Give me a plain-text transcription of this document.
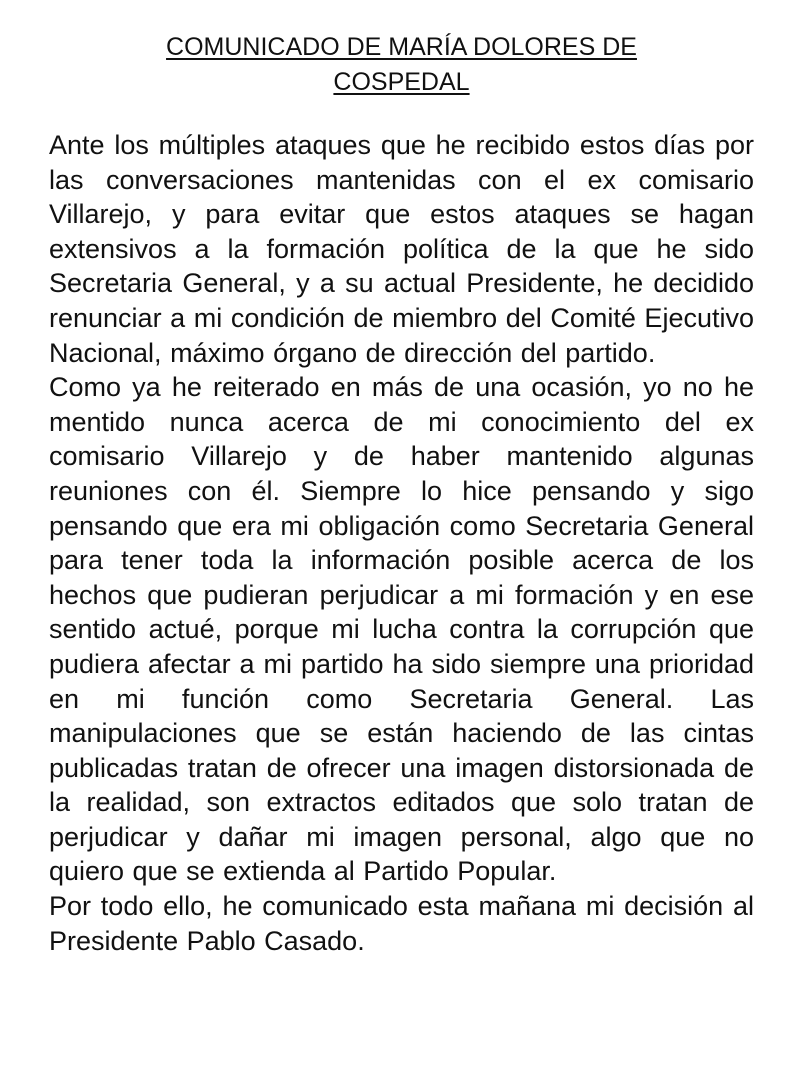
COMUNICADO DE MARÍA DOLORES DE
COSPEDAL

Ante los múltiples ataques que he recibido estos días por las conversaciones mantenidas con el ex comisario Villarejo, y para evitar que estos ataques se hagan extensivos a la formación política de la que he sido Secretaria General, y a su actual Presidente, he decidido renunciar a mi condición de miembro del Comité Ejecutivo Nacional, máximo órgano de dirección del partido.

Como ya he reiterado en más de una ocasión, yo no he mentido nunca acerca de mi conocimiento del ex comisario Villarejo y de haber mantenido algunas reuniones con él. Siempre lo hice pensando y sigo pensando que era mi obligación como Secretaria General para tener toda la información posible acerca de los hechos que pudieran perjudicar a mi formación y en ese sentido actué, porque mi lucha contra la corrupción que pudiera afectar a mi partido ha sido siempre una prioridad en mi función como Secretaria General. Las manipulaciones que se están haciendo de las cintas publicadas tratan de ofrecer una imagen distorsionada de la realidad, son extractos editados que solo tratan de perjudicar y dañar mi imagen personal, algo que no quiero que se extienda al Partido Popular.

Por todo ello, he comunicado esta mañana mi decisión al Presidente Pablo Casado.
